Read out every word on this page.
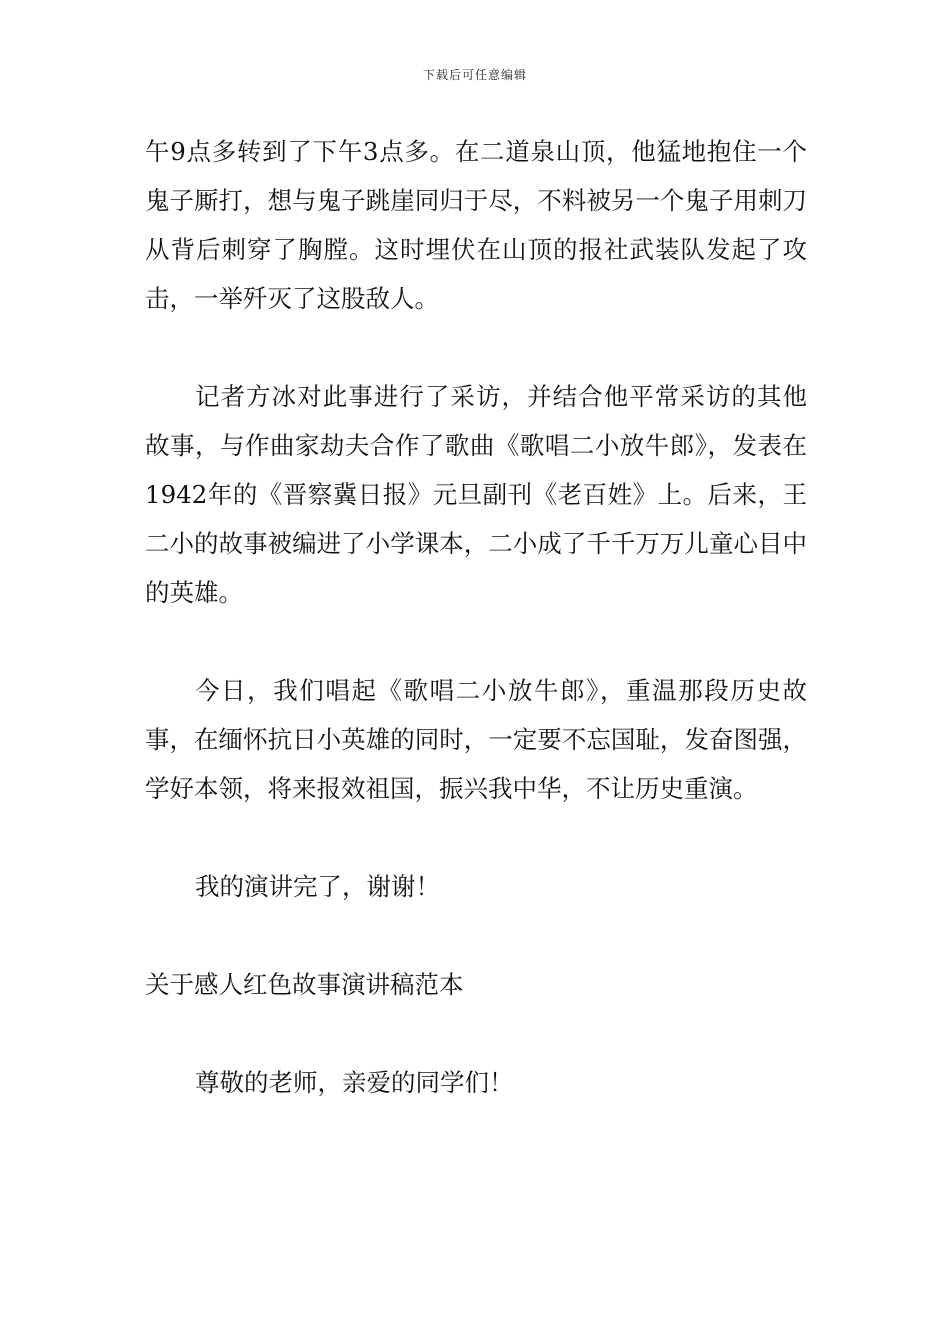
下载后可任意编辑

午9点多转到了下午3点多。在二道泉山顶，他猛地抱住一个鬼子厮打，想与鬼子跳崖同归于尽，不料被另一个鬼子用刺刀从背后刺穿了胸膛。这时埋伏在山顶的报社武装队发起了攻击，一举歼灭了这股敌人。

记者方冰对此事进行了采访，并结合他平常采访的其他故事，与作曲家劫夫合作了歌曲《歌唱二小放牛郎》，发表在1942年的《晋察冀日报》元旦副刊《老百姓》上。后来，王二小的故事被编进了小学课本，二小成了千千万万儿童心目中的英雄。

今日，我们唱起《歌唱二小放牛郎》，重温那段历史故事，在缅怀抗日小英雄的同时，一定要不忘国耻，发奋图强，学好本领，将来报效祖国，振兴我中华，不让历史重演。

我的演讲完了，谢谢！

关于感人红色故事演讲稿范本

尊敬的老师，亲爱的同学们！
